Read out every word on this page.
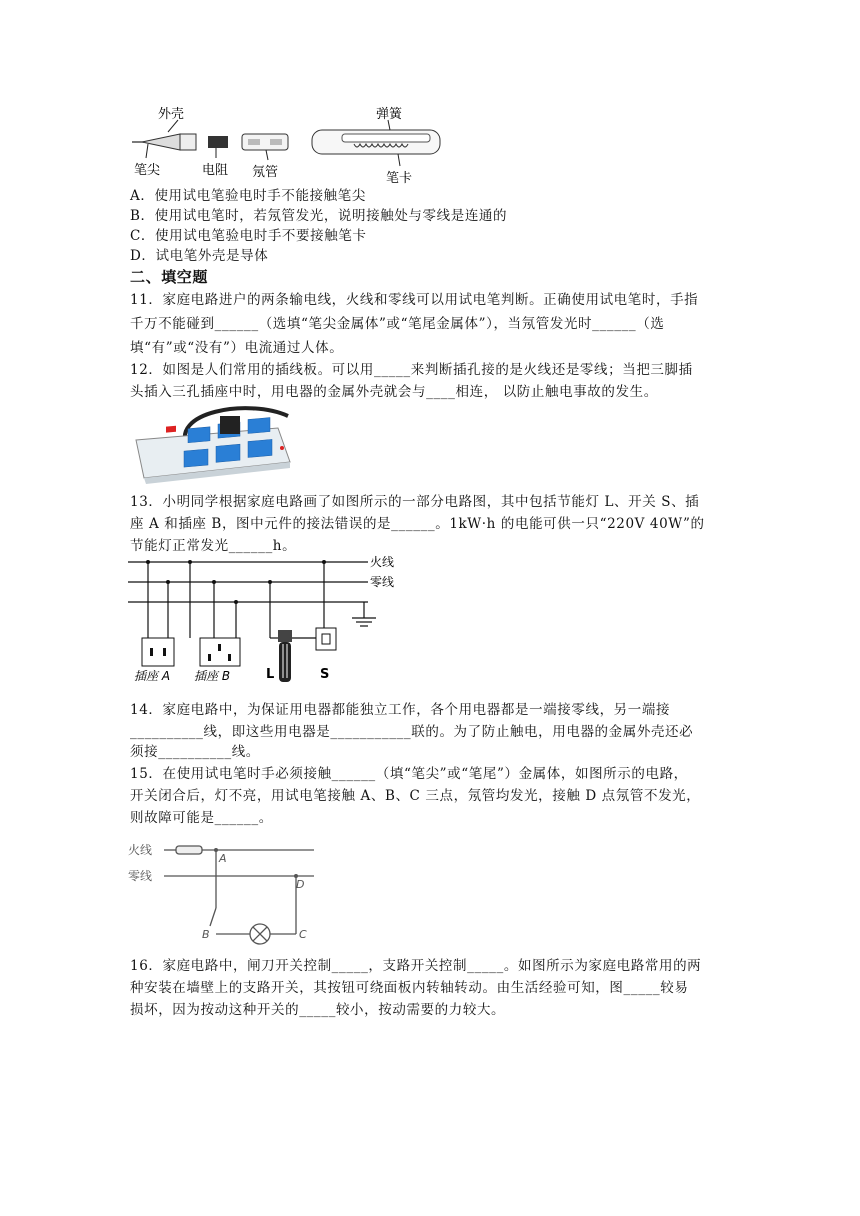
外壳
笔尖	电阻 氖管
弹簧
笔卡
A．使用试电笔验电时手不能接触笔尖
B．使用试电笔时，若氖管发光，说明接触处与零线是连通的
C．使用试电笔验电时手不要接触笔卡
D．试电笔外壳是导体
二、填空题
11．家庭电路进户的两条输电线，火线和零线可以用试电笔判断。正确使用试电笔时，手指
千万不能碰到______（选填“笔尖金属体”或“笔尾金属体”），当氖管发光时______（选
填“有”或“没有”）电流通过人体。
12．如图是人们常用的插线板。可以用_____来判断插孔接的是火线还是零线；当把三脚插
头插入三孔插座中时，用电器的金属外壳就会与____相连， 以防止触电事故的发生。
13．小明同学根据家庭电路画了如图所示的一部分电路图，其中包括节能灯 L、开关 S、插
座 A 和插座 B，图中元件的接法错误的是______。1kW·h 的电能可供一只“220V 40W”的
节能灯正常发光______h。
火线
零线
插座 A 插座 B	L	S
14．家庭电路中，为保证用电器都能独立工作，各个用电器都是一端接零线，另一端接
__________线，即这些用电器是___________联的。为了防止触电，用电器的金属外壳还必
须接__________线。
15．在使用试电笔时手必须接触______（填“笔尖”或“笔尾”）金属体，如图所示的电路，
开关闭合后，灯不亮，用试电笔接触 A、B、C 三点，氖管均发光，接触 D 点氖管不发光，
则故障可能是______。
火线
零线
A
B	C
D
16．家庭电路中，闸刀开关控制_____，支路开关控制_____。如图所示为家庭电路常用的两
种安装在墙壁上的支路开关，其按钮可绕面板内转轴转动。由生活经验可知，图_____较易
损坏，因为按动这种开关的_____较小，按动需要的力较大。
